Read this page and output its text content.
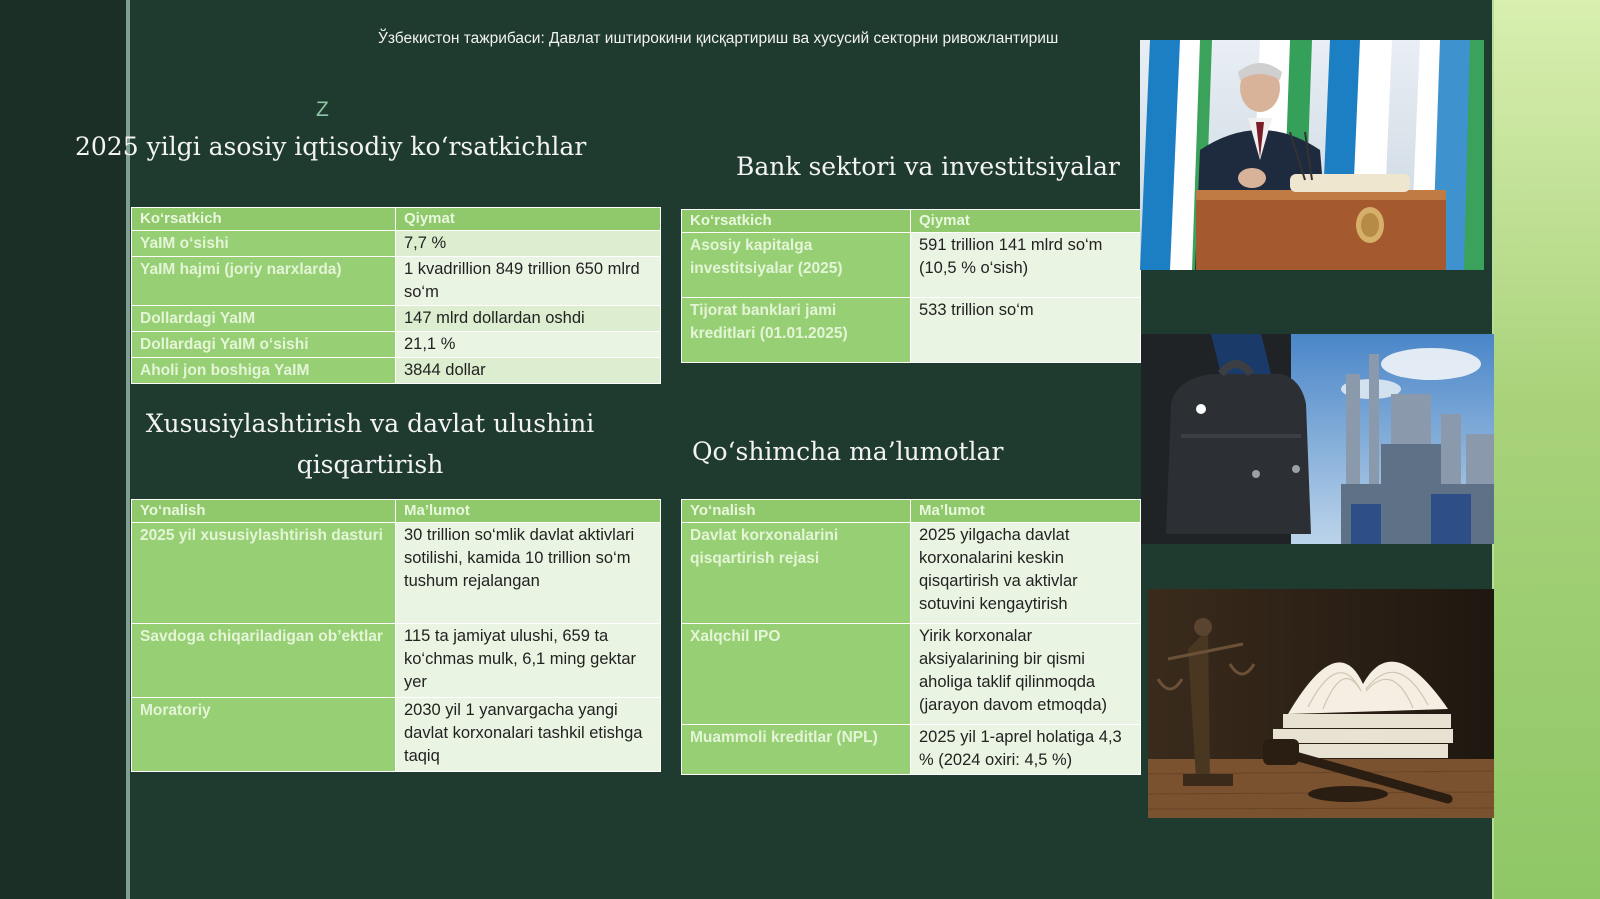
Ўзбекистон тажрибаси: Давлат иштирокини қисқартириш ва хусусий секторни ривожлантириш
Z
2025 yilgi asosiy iqtisodiy ko‘rsatkichlar
Bank sektori va investitsiyalar
Xususiylashtirish va davlat ulushini qisqartirish	Qo‘shimcha ma’lumotlar
Ko‘rsatkich	Qiymat
YaIM o‘sishi	7,7 %
YaIM hajmi (joriy narxlarda)	1 kvadrillion 849 trillion 650 mlrd so‘m
Dollardagi YaIM	147 mlrd dollardan oshdi
Dollardagi YaIM o‘sishi	21,1 %
Aholi jon boshiga YaIM	3844 dollar
Ko‘rsatkich	Qiymat
Asosiy kapitalga investitsiyalar (2025)	591 trillion 141 mlrd so‘m (10,5 % o‘sish)
Tijorat banklari jami kreditlari (01.01.2025)	533 trillion so‘m
Yo‘nalish	Ma’lumot
2025 yil xususiylashtirish dasturi	30 trillion so‘mlik davlat aktivlari sotilishi, kamida 10 trillion so‘m tushum rejalangan
Savdoga chiqariladigan ob’ektlar	115 ta jamiyat ulushi, 659 ta ko‘chmas mulk, 6,1 ming gektar yer
Moratoriy	2030 yil 1 yanvargacha yangi davlat korxonalari tashkil etishga taqiq
Yo‘nalish	Ma’lumot
Davlat korxonalarini qisqartirish rejasi	2025 yilgacha davlat korxonalarini keskin qisqartirish va aktivlar sotuvini kengaytirish
Xalqchil IPO	Yirik korxonalar aksiyalarining bir qismi aholiga taklif qilinmoqda (jarayon davom etmoqda)
Muammoli kreditlar (NPL)	2025 yil 1-aprel holatiga 4,3 % (2024 oxiri: 4,5 %)
